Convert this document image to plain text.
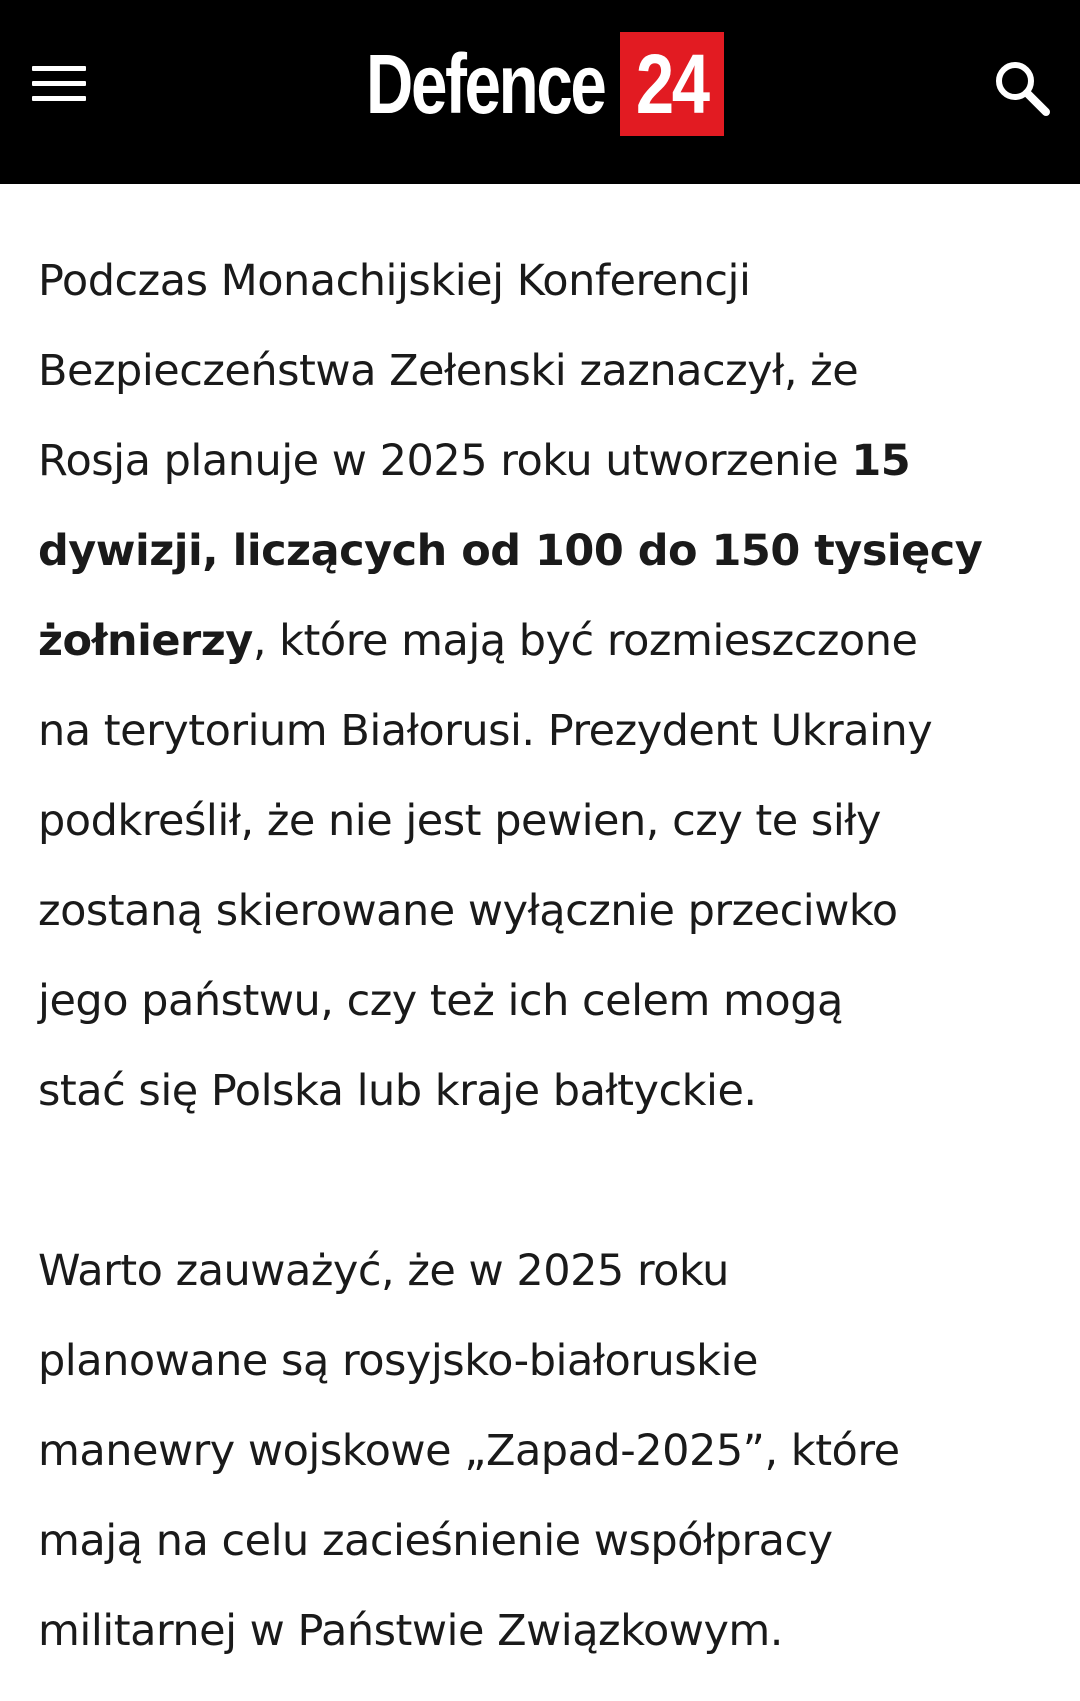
Defence 24

Podczas Monachijskiej Konferencji
Bezpieczeństwa Zełenski zaznaczył, że
Rosja planuje w 2025 roku utworzenie 15
dywizji, liczących od 100 do 150 tysięcy
żołnierzy, które mają być rozmieszczone
na terytorium Białorusi. Prezydent Ukrainy
podkreślił, że nie jest pewien, czy te siły
zostaną skierowane wyłącznie przeciwko
jego państwu, czy też ich celem mogą
stać się Polska lub kraje bałtyckie.

Warto zauważyć, że w 2025 roku
planowane są rosyjsko-białoruskie
manewry wojskowe „Zapad-2025”, które
mają na celu zacieśnienie współpracy
militarnej w Państwie Związkowym.
